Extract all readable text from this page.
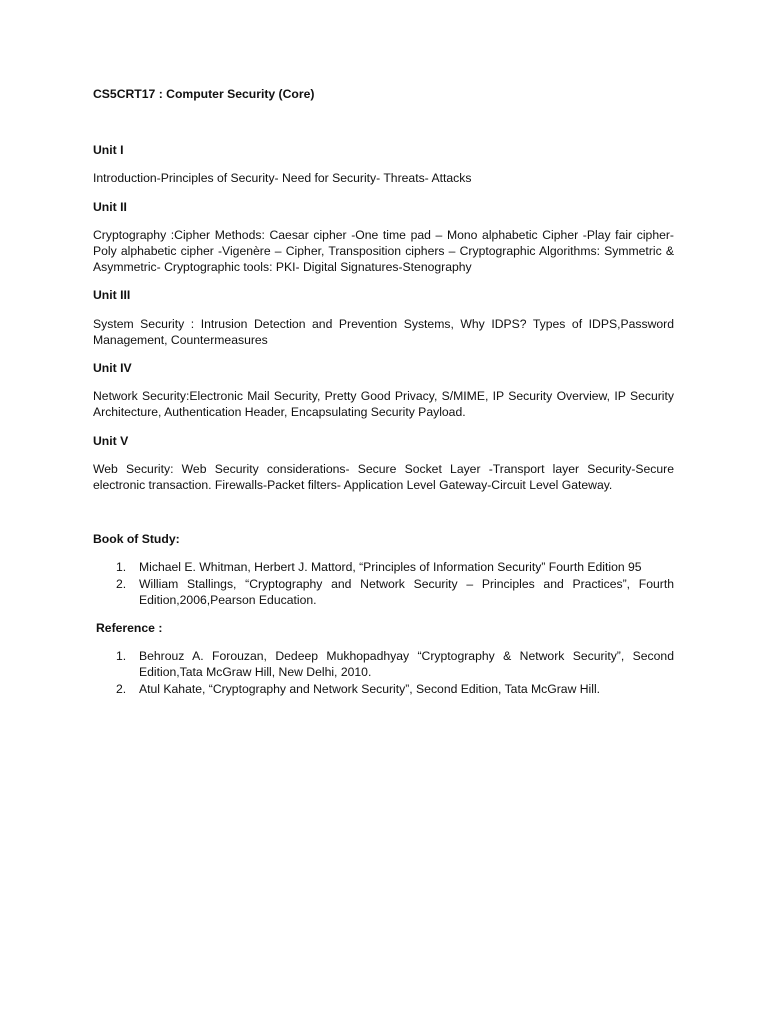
CS5CRT17 : Computer Security (Core)
Unit I
Introduction-Principles of Security- Need for Security- Threats- Attacks
Unit II
Cryptography :Cipher Methods: Caesar cipher -One time pad – Mono alphabetic Cipher -Play fair cipher- Poly alphabetic cipher -Vigenère – Cipher, Transposition ciphers – Cryptographic Algorithms: Symmetric & Asymmetric- Cryptographic tools: PKI- Digital Signatures-Stenography
Unit III
System Security : Intrusion Detection and Prevention Systems, Why IDPS? Types of IDPS,Password Management, Countermeasures
Unit IV
Network Security:Electronic Mail Security, Pretty Good Privacy, S/MIME, IP Security Overview, IP Security Architecture, Authentication Header, Encapsulating Security Payload.
Unit V
Web Security: Web Security considerations- Secure Socket Layer -Transport layer Security-Secure electronic transaction. Firewalls-Packet filters- Application Level Gateway-Circuit Level Gateway.
Book of Study:
1. Michael E. Whitman, Herbert J. Mattord, “Principles of Information Security” Fourth Edition 95
2. William Stallings, “Cryptography and Network Security – Principles and Practices”, Fourth Edition,2006,Pearson Education.
Reference :
1. Behrouz A. Forouzan, Dedeep Mukhopadhyay “Cryptography & Network Security”, Second Edition,Tata McGraw Hill, New Delhi, 2010.
2. Atul Kahate, “Cryptography and Network Security”, Second Edition, Tata McGraw Hill.
